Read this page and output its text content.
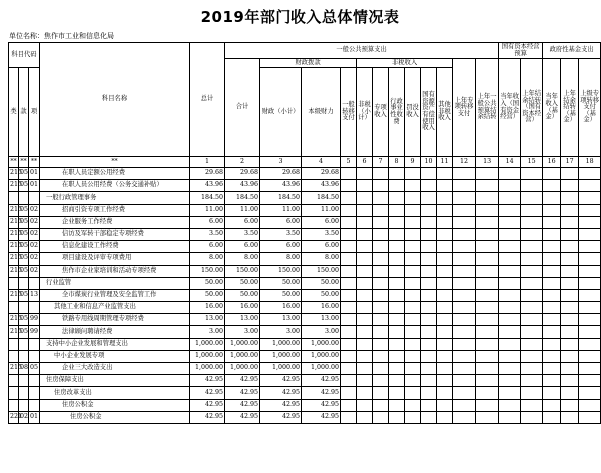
2019年部门收入总体情况表
单位名称：焦作市工业和信息化局
科目代码			科目名称	总计	一般公共预算支出												国有资本经营预算		政府性基金支出		
					合计	财政拨款			非税收入						上年专项转移支付	上年一般公共预算结余结转	当年收入（国有资金经营）	上年结余结转（国有资本经营）	当年收入（基金）	上年结余结转（基金）	上级专项转移支付（基金）
类	款	项				财政（小计）	本级财力	一般转移支付	非税（小计）	专项收入	行政事业性收费	罚没收入	国有资源资产有偿使用收入	其他非税收入							

**	**	**	**	1	2	3	4	5	6	7	8	9	10	11	12	13	14	15	16	17	18
215	05	01	在职人员定额公用经费	29.68	29.68	29.68	29.68														
215	05	01	在职人员公用经费（公务交通补贴）	43.96	43.96	43.96	43.96														
			一般行政管理事务	184.50	184.50	184.50	184.50														
215	05	02	招商引资专项工作经费	11.00	11.00	11.00	11.00														
215	05	02	企业服务工作经费	6.00	6.00	6.00	6.00														
215	05	02	信访及军转干部稳定专项经费	3.50	3.50	3.50	3.50														
215	05	02	信息化建设工作经费	6.00	6.00	6.00	6.00														
215	05	02	项目建设及评审专项费用	8.00	8.00	8.00	8.00														
215	05	02	焦作市企业家培训和活动专项经费	150.00	150.00	150.00	150.00														
			行业监管	50.00	50.00	50.00	50.00														
215	05	13	全市煤炭行业管理及安全监管工作	50.00	50.00	50.00	50.00														
			其他工业和信息产业监管支出	16.00	16.00	16.00	16.00														
215	05	99	铁路专用线周期管理专项经费	13.00	13.00	13.00	13.00														
215	05	99	法律顾问聘请经费	3.00	3.00	3.00	3.00														
			支持中小企业发展和管理支出	1,000.00	1,000.00	1,000.00	1,000.00														
			中小企业发展专项	1,000.00	1,000.00	1,000.00	1,000.00														
215	08	05	企业三大改造支出	1,000.00	1,000.00	1,000.00	1,000.00														
			住房保障支出	42.95	42.95	42.95	42.95														
			住房改革支出	42.95	42.95	42.95	42.95														
			住房公积金	42.95	42.95	42.95	42.95														
221	02	01	住房公积金	42.95	42.95	42.95	42.95														
